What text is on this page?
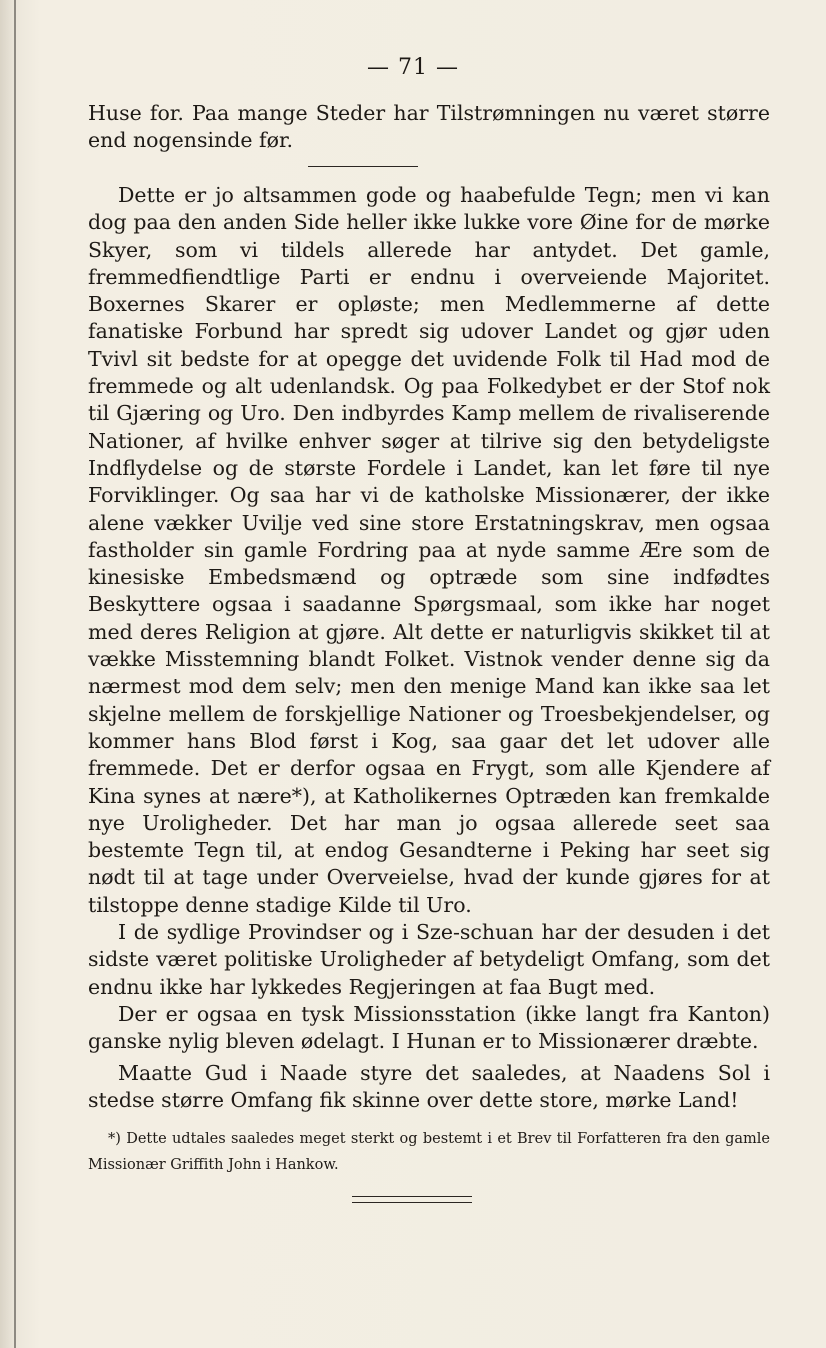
— 71 —

Huse for. Paa mange Steder har Tilstrømningen nu været større end nogensinde før.

Dette er jo altsammen gode og haabefulde Tegn; men vi kan dog paa den anden Side heller ikke lukke vore Øine for de mørke Skyer, som vi tildels allerede har antydet. Det gamle, fremmedfiendtlige Parti er endnu i overveiende Majoritet. Boxernes Skarer er opløste; men Medlemmerne af dette fanatiske Forbund har spredt sig udover Landet og gjør uden Tvivl sit bedste for at opegge det uvidende Folk til Had mod de fremmede og alt udenlandsk. Og paa Folkedybet er der Stof nok til Gjæring og Uro. Den indbyrdes Kamp mellem de rivaliserende Nationer, af hvilke enhver søger at tilrive sig den betydeligste Indflydelse og de største Fordele i Landet, kan let føre til nye Forviklinger. Og saa har vi de katholske Missionærer, der ikke alene vækker Uvilje ved sine store Erstatningskrav, men ogsaa fastholder sin gamle Fordring paa at nyde samme Ære som de kinesiske Embedsmænd og optræde som sine indfødtes Beskyttere ogsaa i saadanne Spørgsmaal, som ikke har noget med deres Religion at gjøre. Alt dette er naturligvis skikket til at vække Misstemning blandt Folket. Vistnok vender denne sig da nærmest mod dem selv; men den menige Mand kan ikke saa let skjelne mellem de forskjellige Nationer og Troesbekjendelser, og kommer hans Blod først i Kog, saa gaar det let udover alle fremmede. Det er derfor ogsaa en Frygt, som alle Kjendere af Kina synes at nære*), at Katholikernes Optræden kan fremkalde nye Uroligheder. Det har man jo ogsaa allerede seet saa bestemte Tegn til, at endog Gesandterne i Peking har seet sig nødt til at tage under Overveielse, hvad der kunde gjøres for at tilstoppe denne stadige Kilde til Uro.

I de sydlige Provindser og i Sze-schuan har der desuden i det sidste været politiske Uroligheder af betydeligt Omfang, som det endnu ikke har lykkedes Regjeringen at faa Bugt med.

Der er ogsaa en tysk Missionsstation (ikke langt fra Kanton) ganske nylig bleven ødelagt. I Hunan er to Missionærer dræbte.

Maatte Gud i Naade styre det saaledes, at Naadens Sol i stedse større Omfang fik skinne over dette store, mørke Land!

*) Dette udtales saaledes meget sterkt og bestemt i et Brev til Forfatteren fra den gamle Missionær Griffith John i Hankow.
